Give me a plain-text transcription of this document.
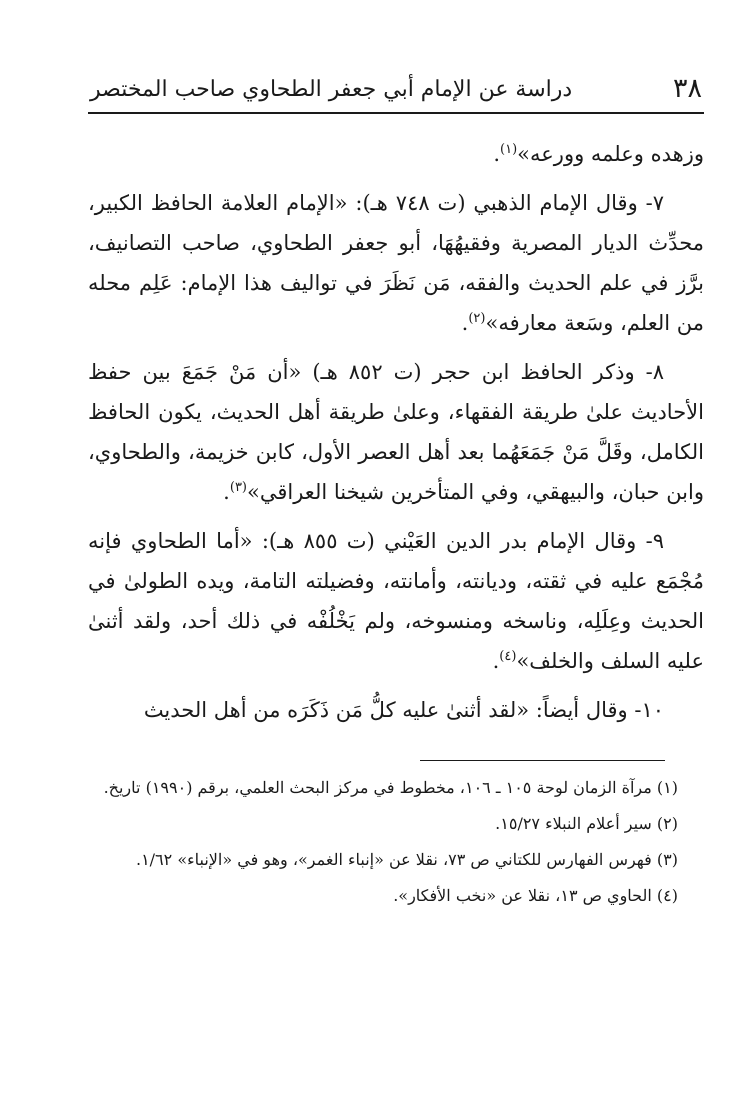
٣٨
دراسة عن الإمام أبي جعفر الطحاوي صاحب المختصر

وزهده وعلمه وورعه»$^{(١)}$.

٧- وقال الإمام الذهبي (ت ٧٤٨ هـ): «الإمام العلامة الحافظ الكبير، محدِّث الديار المصرية وفقيهُهَا، أبو جعفر الطحاوي، صاحب التصانيف، برَّز في علم الحديث والفقه، مَن نَظَرَ في تواليف هذا الإمام: عَلِم محله من العلم، وسَعة معارفه»$^{(٢)}$.

٨- وذكر الحافظ ابن حجر (ت ٨٥٢ هـ) «أن مَنْ جَمَعَ بين حفظ الأحاديث علىٰ طريقة الفقهاء، وعلىٰ طريقة أهل الحديث، يكون الحافظ الكامل، وقَلَّ مَنْ جَمَعَهُما بعد أهل العصر الأول، كابن خزيمة، والطحاوي، وابن حبان، والبيهقي، وفي المتأخرين شيخنا العراقي»$^{(٣)}$.

٩- وقال الإمام بدر الدين العَيْني (ت ٨٥٥ هـ): «أما الطحاوي فإنه مُجْمَع عليه في ثقته، وديانته، وأمانته، وفضيلته التامة، ويده الطولىٰ في الحديث وعِلَلِه، وناسخه ومنسوخه، ولم يَخْلُفْه في ذلك أحد، ولقد أثنىٰ عليه السلف والخلف»$^{(٤)}$.

١٠- وقال أيضاً: «لقد أثنىٰ عليه كلُّ مَن ذَكَرَه من أهل الحديث

(١) مرآة الزمان لوحة ١٠٥ ـ ١٠٦، مخطوط في مركز البحث العلمي، برقم (١٩٩٠) تاريخ.

(٢) سير أعلام النبلاء ١٥/٢٧.

(٣) فهرس الفهارس للكتاني ص ٧٣، نقلا عن «إنباء الغمر»، وهو في «الإنباء» ١/٦٢.

(٤) الحاوي ص ١٣، نقلا عن «نخب الأفكار».
